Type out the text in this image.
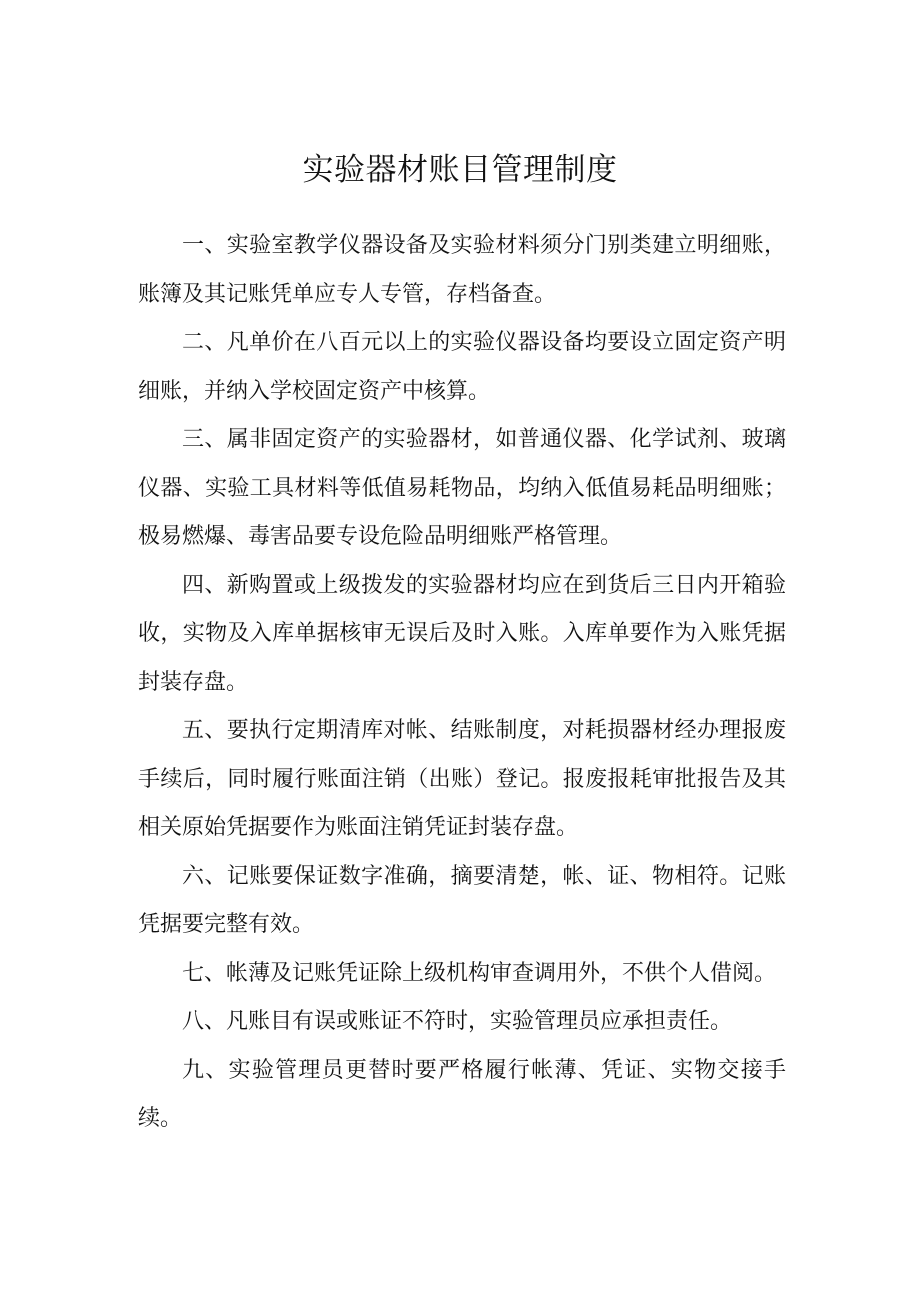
实验器材账目管理制度

一、实验室教学仪器设备及实验材料须分门别类建立明细账，账簿及其记账凭单应专人专管，存档备查。

二、凡单价在八百元以上的实验仪器设备均要设立固定资产明细账，并纳入学校固定资产中核算。

三、属非固定资产的实验器材，如普通仪器、化学试剂、玻璃仪器、实验工具材料等低值易耗物品，均纳入低值易耗品明细账；极易燃爆、毒害品要专设危险品明细账严格管理。

四、新购置或上级拨发的实验器材均应在到货后三日内开箱验收，实物及入库单据核审无误后及时入账。入库单要作为入账凭据封装存盘。

五、要执行定期清库对帐、结账制度，对耗损器材经办理报废手续后，同时履行账面注销（出账）登记。报废报耗审批报告及其相关原始凭据要作为账面注销凭证封装存盘。

六、记账要保证数字准确，摘要清楚，帐、证、物相符。记账凭据要完整有效。

七、帐薄及记账凭证除上级机构审查调用外，不供个人借阅。

八、凡账目有误或账证不符时，实验管理员应承担责任。

九、实验管理员更替时要严格履行帐薄、凭证、实物交接手续。
